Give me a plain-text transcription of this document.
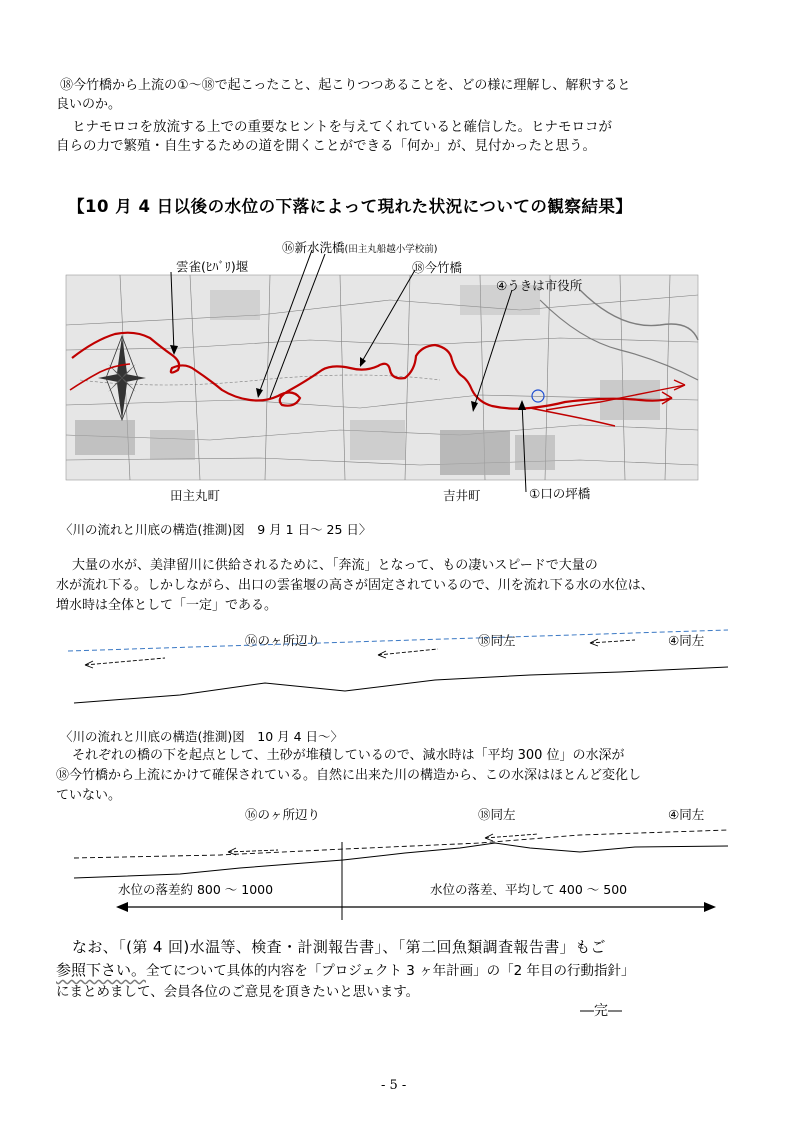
⑱今竹橋から上流の①～⑱で起こったこと、起こりつつあることを、どの様に理解し、解釈すると
良いのか。
ヒナモロコを放流する上での重要なヒントを与えてくれていると確信した。ヒナモロコが
自らの力で繁殖・自生するための道を開くことができる「何か」が、見付かったと思う。
【10 月 4 日以後の水位の下落によって現れた状況についての観察結果】
雲雀(ﾋﾊﾞﾘ)堰
⑯新水洗橋(田主丸船越小学校前)
⑱今竹橋
④うきは市役所
田主丸町	吉井町	①口の坪橋
〈川の流れと川底の構造(推測)図　9 月 1 日～ 25 日〉
大量の水が、美津留川に供給されるために、「奔流」となって、もの凄いスピードで大量の
水が流れ下る。しかしながら、出口の雲雀堰の高さが固定されているので、川を流れ下る水の水位は、
増水時は全体として「一定」である。
⑯のヶ所辺り	⑱同左	④同左
〈川の流れと川底の構造(推測)図　10 月 4 日～〉
それぞれの橋の下を起点として、土砂が堆積しているので、減水時は「平均 300 位」の水深が
⑱今竹橋から上流にかけて確保されている。自然に出来た川の構造から、この水深はほとんど変化し
ていない。
⑯のヶ所辺り	⑱同左	④同左
水位の落差約 800 ～ 1000	水位の落差、平均して 400 ～ 500
なお、「(第 4 回)水温等、検査・計測報告書」、「第二回魚類調査報告書」もご
参照下さい。全てについて具体的内容を「プロジェクト 3 ヶ年計画」の「2 年目の行動指針」
にまとめまして、会員各位のご意見を頂きたいと思います。
―完―
- 5 -
